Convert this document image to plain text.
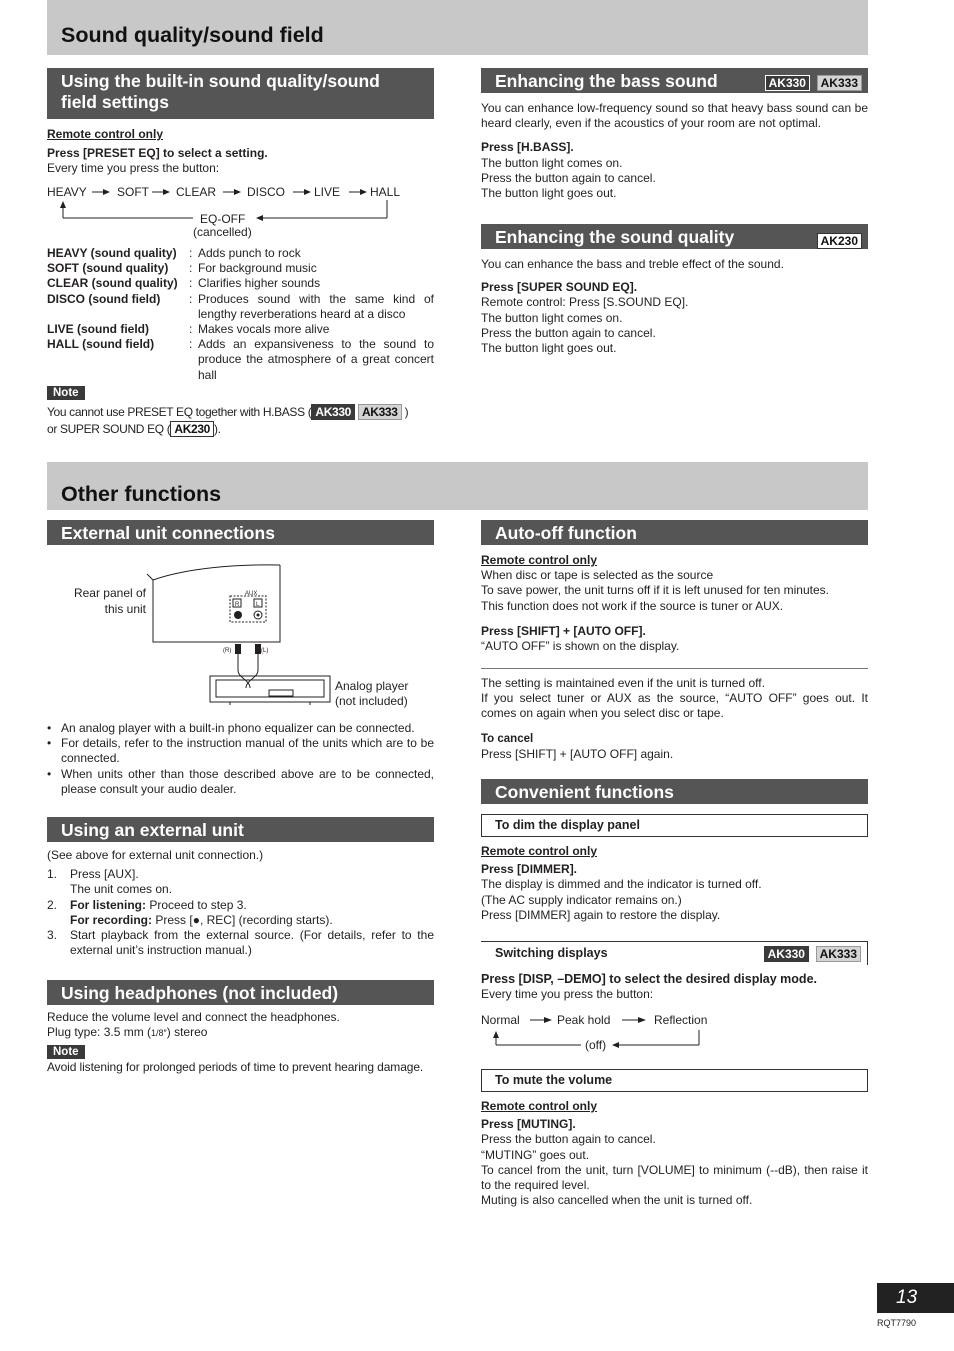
Sound quality/sound field
Using the built-in sound quality/sound field settings

Remote control only

Press [PRESET EQ] to select a setting.

Every time you press the button:

HEAVY	SOFT CLEAR	DISCO LIVE HALL
EQ-OFF
(cancelled)
HEAVY (sound quality)	: Adds punch to rock
SOFT (sound quality)	: For background music
CLEAR (sound quality) : Clarifies higher sounds
DISCO (sound field)	: Produces sound with the same kind of lengthy reverberations heard at a disco
LIVE (sound field)	: Makes vocals more alive
HALL (sound field)	: Adds an expansiveness to the sound to produce the atmosphere of a great concert hall
Note

You cannot use PRESET EQ together with H.BASS ( AK330 AK333 )

or SUPER SOUND EQ ( AK230 ).

Enhancing the bass sound	AK330 AK333

You can enhance low-frequency sound so that heavy bass sound can be heard clearly, even if the acoustics of your room are not optimal.

Press [H.BASS].

The button light comes on.

Press the button again to cancel.

The button light goes out.

Enhancing the sound quality	AK230

You can enhance the bass and treble effect of the sound.

Press [SUPER SOUND EQ].

Remote control: Press [S.SOUND EQ].

The button light comes on.

Press the button again to cancel.

The button light goes out.

Other functions
External unit connections
Rear panel of
this unit
Analog player
(not included)
AUX
R	L
(R)	(L)
• An analog player with a built-in phono equalizer can be connected.
• For details, refer to the instruction manual of the units which are to be connected.
• When units other than those described above are to be connected, please consult your audio dealer.
Using an external unit

(See above for external unit connection.)

1.	Press [AUX].
The unit comes on.
2.	For listening: Proceed to step 3.
For recording: Press [●, REC] (recording starts).
3.	Start playback from the external source. (For details, refer to the external unit’s instruction manual.)
Using headphones (not included)

Reduce the volume level and connect the headphones.

Plug type: 3.5 mm (1/8″) stereo

Note

Avoid listening for prolonged periods of time to prevent hearing damage.

Auto-off function

Remote control only

When disc or tape is selected as the source

To save power, the unit turns off if it is left unused for ten minutes.

This function does not work if the source is tuner or AUX.

Press [SHIFT] + [AUTO OFF].

“AUTO OFF” is shown on the display.

The setting is maintained even if the unit is turned off.

If you select tuner or AUX as the source, “AUTO OFF” goes out. It comes on again when you select disc or tape.

To cancel

Press [SHIFT] + [AUTO OFF] again.

Convenient functions
To dim the display panel

Remote control only

Press [DIMMER].

The display is dimmed and the indicator is turned off.

(The AC supply indicator remains on.)

Press [DIMMER] again to restore the display.

Switching displays	AK330 AK333

Press [DISP, –DEMO] to select the desired display mode.

Every time you press the button:

Normal	Peak hold	Reflection
(off)
To mute the volume

Remote control only

Press [MUTING].

Press the button again to cancel.

“MUTING” goes out.

To cancel from the unit, turn [VOLUME] to minimum (--dB), then raise it to the required level.

Muting is also cancelled when the unit is turned off.

13
RQT7790
